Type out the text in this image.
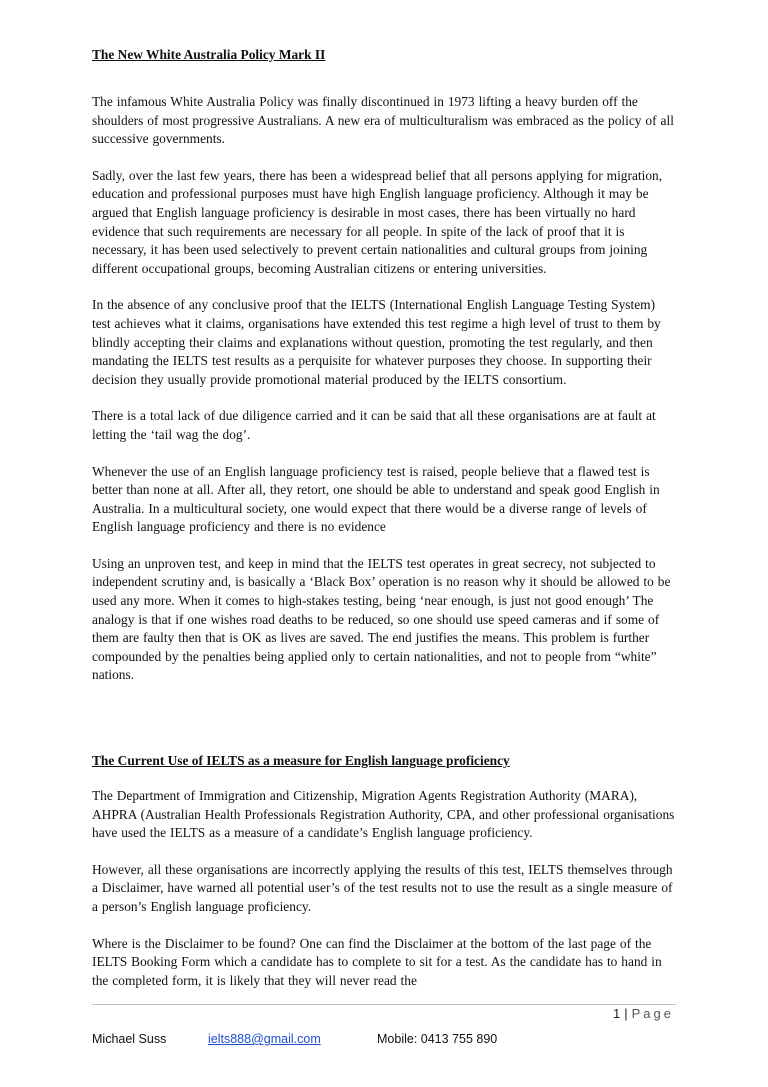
The New White Australia Policy Mark II

The infamous White Australia Policy was finally discontinued in 1973 lifting a heavy burden off the shoulders of most progressive Australians. A new era of multiculturalism was embraced as the policy of all successive governments.

Sadly, over the last few years, there has been a widespread belief that all persons applying for migration, education and professional purposes must have high English language proficiency. Although it may be argued that English language proficiency is desirable in most cases, there has been virtually no hard evidence that such requirements are necessary for all people. In spite of the lack of proof that it is necessary, it has been used selectively to prevent certain nationalities and cultural groups from joining different occupational groups, becoming Australian citizens or entering universities.

In the absence of any conclusive proof that the IELTS (International English Language Testing System) test achieves what it claims, organisations have extended this test regime a high level of trust to them by blindly accepting their claims and explanations without question, promoting the test regularly, and then mandating the IELTS test results as a perquisite for whatever purposes they choose. In supporting their decision they usually provide promotional material produced by the IELTS consortium.

There is a total lack of due diligence carried and it can be said that all these organisations are at fault at letting the ‘tail wag the dog’.

Whenever the use of an English language proficiency test is raised, people believe that a flawed test is better than none at all. After all, they retort, one should be able to understand and speak good English in Australia. In a multicultural society, one would expect that there would be a diverse range of levels of English language proficiency and there is no evidence

Using an unproven test, and keep in mind that the IELTS test operates in great secrecy, not subjected to independent scrutiny and, is basically a ‘Black Box’ operation is no reason why it should be allowed to be used any more. When it comes to high-stakes testing, being ‘near enough, is just not good enough’ The analogy is that if one wishes road deaths to be reduced, so one should use speed cameras and if some of them are faulty then that is OK as lives are saved. The end justifies the means. This problem is further compounded by the penalties being applied only to certain nationalities, and not to people from “white” nations.

The Current Use of IELTS as a measure for English language proficiency

The Department of Immigration and Citizenship, Migration Agents Registration Authority (MARA), AHPRA (Australian Health Professionals Registration Authority, CPA, and other professional organisations have used the IELTS as a measure of a candidate’s English language proficiency.

However, all these organisations are incorrectly applying the results of this test, IELTS themselves through a Disclaimer, have warned all potential user’s of the test results not to use the result as a single measure of a person’s English language proficiency.

Where is the Disclaimer to be found? One can find the Disclaimer at the bottom of the last page of the IELTS Booking Form which a candidate has to complete to sit for a test. As the candidate has to hand in the completed form, it is likely that they will never read the

1 | Page
Michael Suss	ielts888@gmail.com	Mobile: 0413 755 890
